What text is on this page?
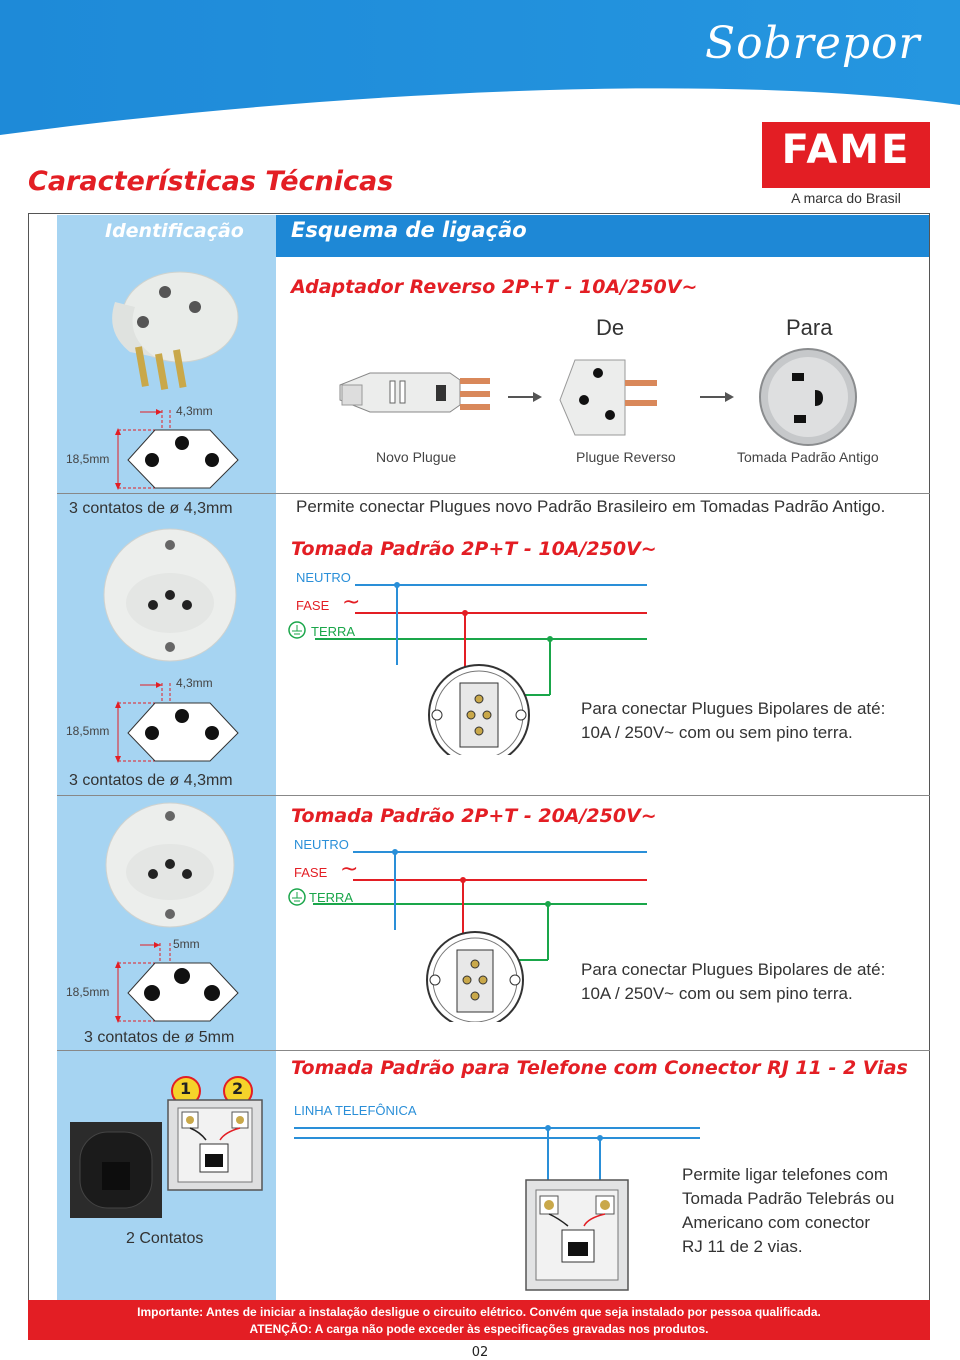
Sobrepor
Características Técnicas
FAME
A marca do Brasil
Identificação Esquema de ligação
Adaptador Reverso 2P+T - 10A/250V~
De	Para
4,3mm
18,5mm
3 contatos de ø 4,3mm
Novo Plugue	Plugue Reverso	Tomada Padrão Antigo
Permite conectar Plugues novo Padrão Brasileiro em Tomadas Padrão Antigo.
Tomada Padrão 2P+T - 10A/250V~
NEUTRO
FASE ~
TERRA
Para conectar Plugues Bipolares de até:
10A / 250V~ com ou sem pino terra.
4,3mm
18,5mm
3 contatos de ø 4,3mm
Tomada Padrão 2P+T - 20A/250V~
NEUTRO
FASE ~
TERRA
Para conectar Plugues Bipolares de até:
10A / 250V~ com ou sem pino terra.
5mm
18,5mm
3 contatos de ø 5mm
Tomada Padrão para Telefone com Conector RJ 11 - 2 Vias
LINHA TELEFÔNICA
1	2
2 Contatos
Permite ligar telefones com
Tomada Padrão Telebrás ou
Americano com conector
RJ 11 de 2 vias.
Importante: Antes de iniciar a instalação desligue o circuito elétrico. Convém que seja instalado por pessoa qualificada.
ATENÇÃO: A carga não pode exceder às especificações gravadas nos produtos.
02
